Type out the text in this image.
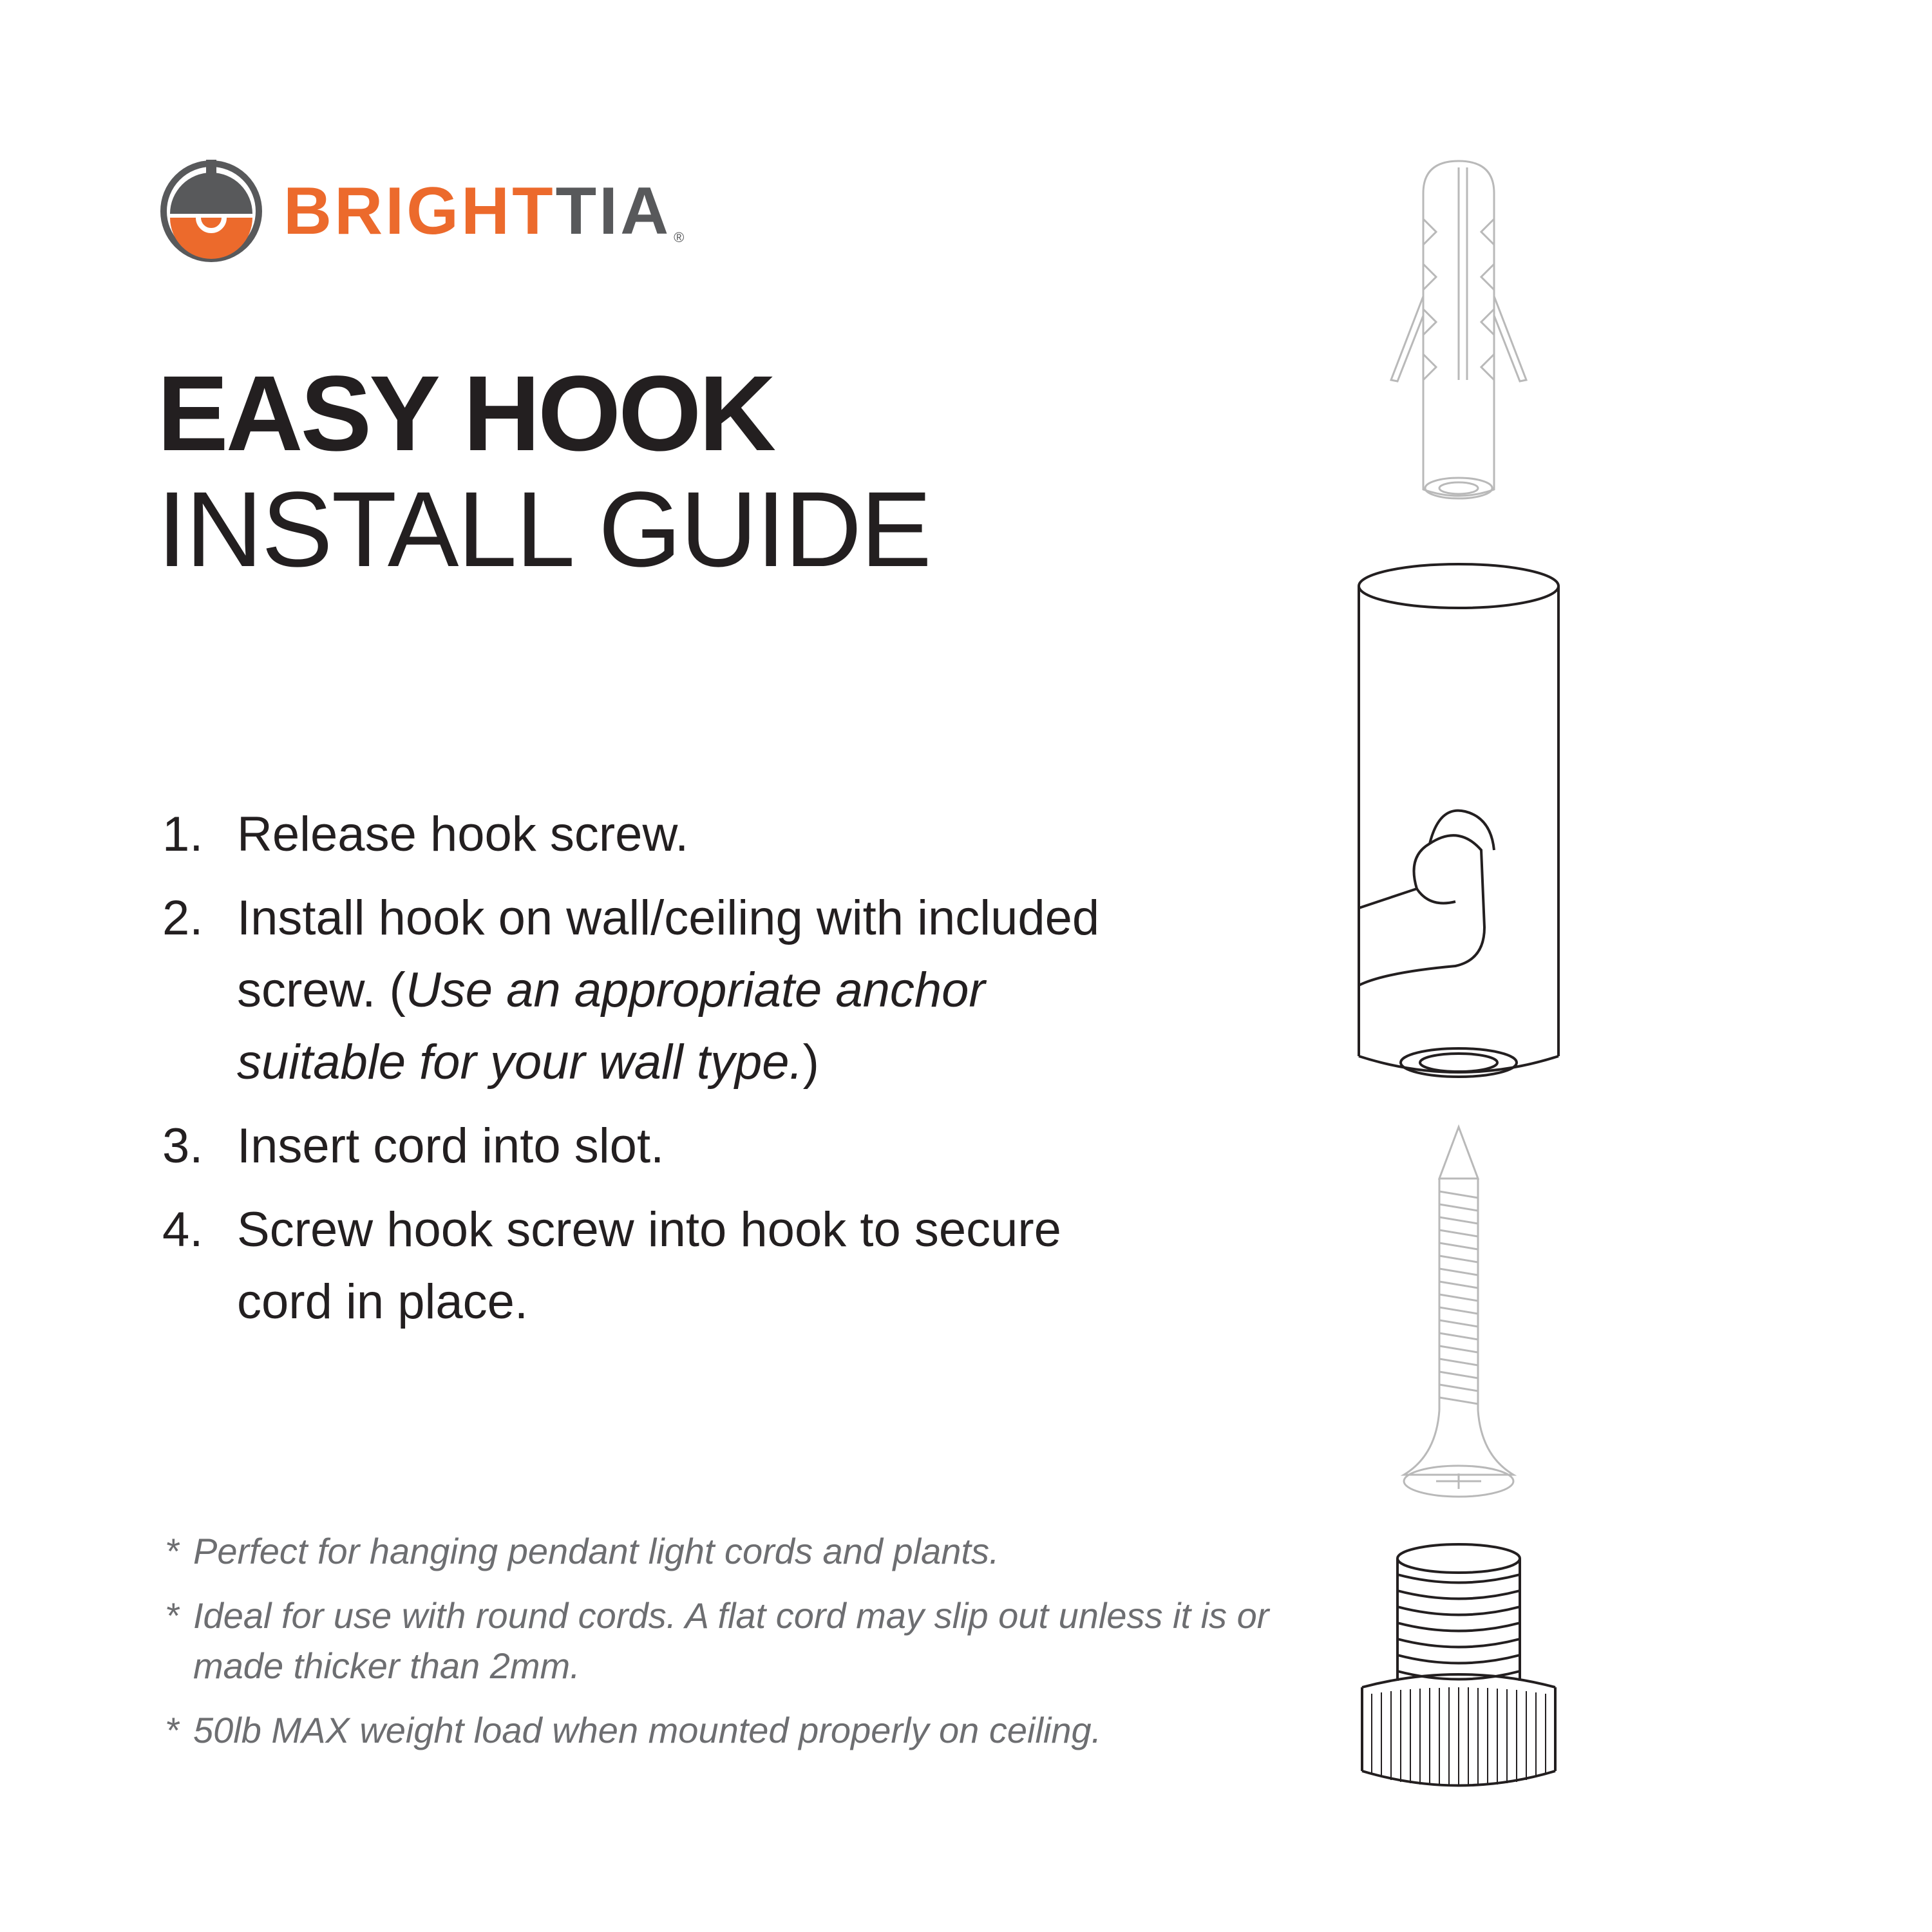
BRIGHTTIA ®
EASY HOOK
INSTALL GUIDE
1. Release hook screw.
2. Install hook on wall/ceiling with included screw. (Use an appropriate anchor suitable for your wall type.)
3. Insert cord into slot.
4. Screw hook screw into hook to secure cord in place.
* Perfect for hanging pendant light cords and plants.
* Ideal for use with round cords. A flat cord may slip out unless it is or made thicker than 2mm.
* 50lb MAX weight load when mounted properly on ceiling.
